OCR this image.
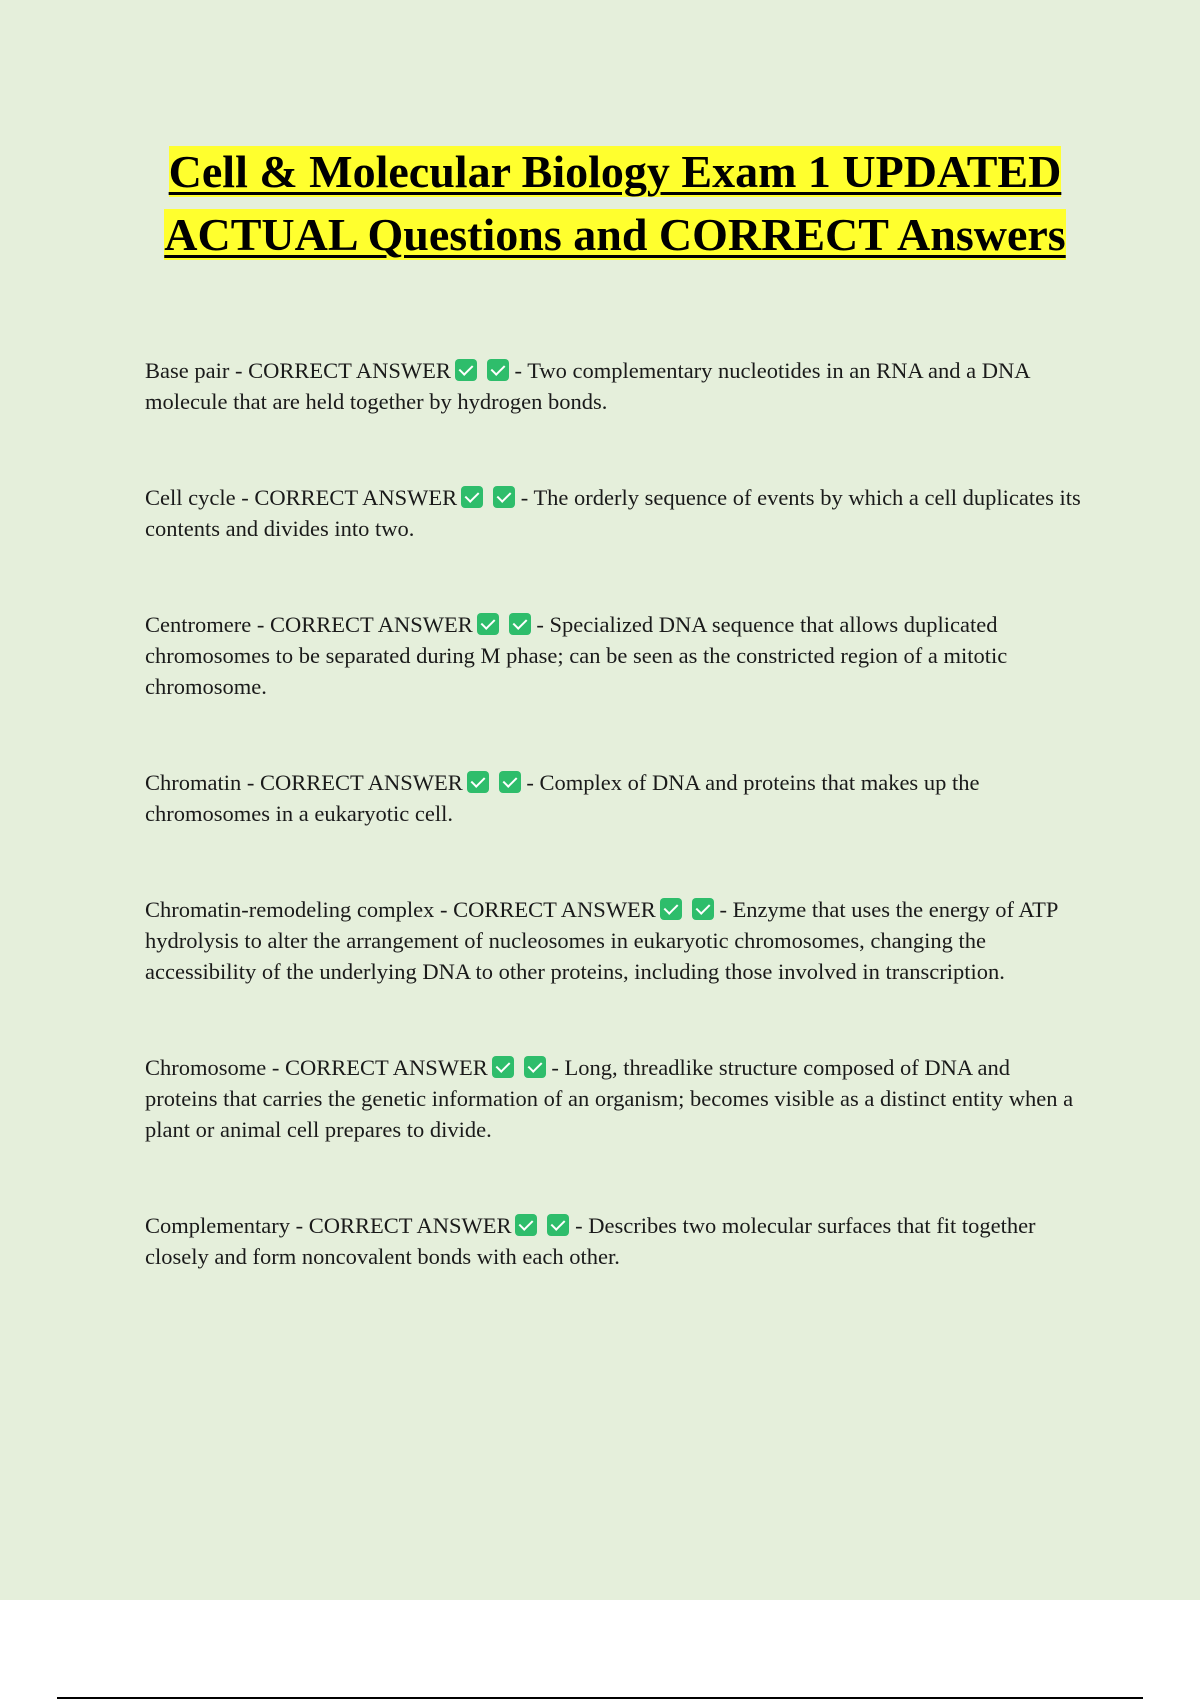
Cell & Molecular Biology Exam 1 UPDATED ACTUAL Questions and CORRECT Answers

Base pair - CORRECT ANSWER	- Two complementary nucleotides in an RNA and a DNA molecule that are held together by hydrogen bonds.

Cell cycle - CORRECT ANSWER	- The orderly sequence of events by which a cell duplicates its contents and divides into two.

Centromere - CORRECT ANSWER	- Specialized DNA sequence that allows duplicated chromosomes to be separated during M phase; can be seen as the constricted region of a mitotic chromosome.

Chromatin - CORRECT ANSWER	- Complex of DNA and proteins that makes up the chromosomes in a eukaryotic cell.

Chromatin-remodeling complex - CORRECT ANSWER	- Enzyme that uses the energy of ATP hydrolysis to alter the arrangement of nucleosomes in eukaryotic chromosomes, changing the accessibility of the underlying DNA to other proteins, including those involved in transcription.

Chromosome - CORRECT ANSWER	- Long, threadlike structure composed of DNA and proteins that carries the genetic information of an organism; becomes visible as a distinct entity when a plant or animal cell prepares to divide.

Complementary - CORRECT ANSWER	- Describes two molecular surfaces that fit together closely and form noncovalent bonds with each other.
